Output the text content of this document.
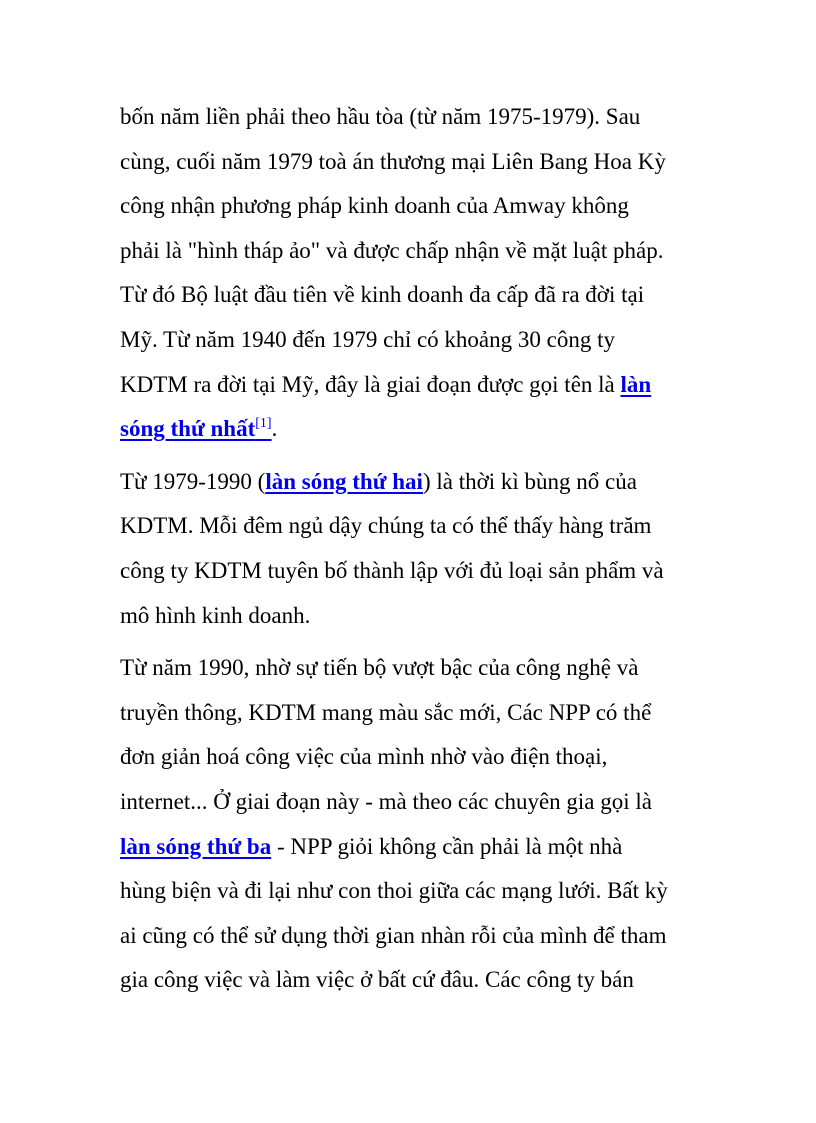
bốn năm liền phải theo hầu tòa (từ năm 1975-1979). Sau
cùng, cuối năm 1979 toà án thương mại Liên Bang Hoa Kỳ
công nhận phương pháp kinh doanh của Amway không
phải là "hình tháp ảo" và được chấp nhận về mặt luật pháp.
Từ đó Bộ luật đầu tiên về kinh doanh đa cấp đã ra đời tại
Mỹ. Từ năm 1940 đến 1979 chỉ có khoảng 30 công ty
KDTM ra đời tại Mỹ, đây là giai đoạn được gọi tên là làn
sóng thứ nhất[1].

Từ 1979-1990 (làn sóng thứ hai) là thời kì bùng nổ của
KDTM. Mỗi đêm ngủ dậy chúng ta có thể thấy hàng trăm
công ty KDTM tuyên bố thành lập với đủ loại sản phẩm và
mô hình kinh doanh.

Từ năm 1990, nhờ sự tiến bộ vượt bậc của công nghệ và
truyền thông, KDTM mang màu sắc mới, Các NPP có thể
đơn giản hoá công việc của mình nhờ vào điện thoại,
internet... Ở giai đoạn này - mà theo các chuyên gia gọi là
làn sóng thứ ba - NPP giỏi không cần phải là một nhà
hùng biện và đi lại như con thoi giữa các mạng lưới. Bất kỳ
ai cũng có thể sử dụng thời gian nhàn rỗi của mình để tham
gia công việc và làm việc ở bất cứ đâu. Các công ty bán
